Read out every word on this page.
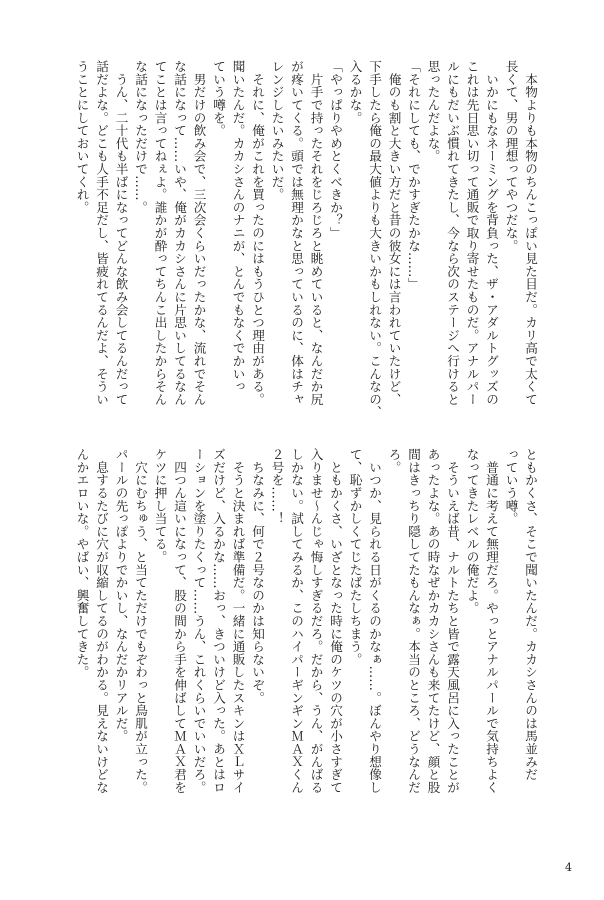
　本物よりも本物のちんこっぽい見た目だ。カリ高で太くて
長くて、男の理想ってやつだな。
　いかにもなネーミングを背負った、ザ・アダルトグッズの
これは先日思い切って通販で取り寄せたものだ。アナルパー
ルにもだいぶ慣れてきたし、今なら次のステージへ行けると
思ったんだよな。
「それにしても、でかすぎたかな……」
　俺のも割と大きい方だと昔の彼女には言われていたけど、
下手したら俺の最大値よりも大きいかもしれない。こんなの、
入るかな。
「やっぱりやめとくべきか？」
　片手で持ったそれをじろじろと眺めていると、なんだか尻
が疼いてくる。頭では無理かなと思っているのに、体はチャ
レンジしたいみたいだ。
　それに、俺がこれを買ったのにはもうひとつ理由がある。
聞いたんだ。カカシさんのナニが、とんでもなくでかいっ
ていう噂を。
　男だけの飲み会で、三次会くらいだったかな、流れでそん
な話になって……いや、俺がカカシさんに片思いしてるなん
てことは言ってねぇよ。誰かが酔ってちんこ出したからそん
な話になっただけで……。
　うん、二十代も半ばになってどんな飲み会してるんだって
話だよな。どこも人手不足だし、皆疲れてるんだよ、そうい
うことにしておいてくれ。
ともかくさ、そこで聞いたんだ。カカシさんのは馬並みだ
っていう噂。
　普通に考えて無理だろ。やっとアナルパールで気持ちよく
なってきたレベルの俺だよ。
　そういえば昔、ナルトたちと皆で露天風呂に入ったことが
あったよな。あの時なぜかカカシさんも来てたけど、顔と股
間はきっちり隠してたもんなぁ。本当のところ、どうなんだ
ろ。
　いつか、見られる日がくるのかなぁ……。ぼんやり想像し
て、恥ずかしくてじたばたしちまう。
　ともかくさ、いざとなった時に俺のケツの穴が小さすぎて
入りませ〜んじゃ悔しすぎるだろ。だから、うん、がんばる
しかない。試してみるか、このハイパーギンギンＭＡＸくん
２号を……！
　ちなみに、何で２号なのかは知らないぞ。
　そうと決まれば準備だ。一緒に通販したスキンはＸＬサイ
ズだけど、入るかな……おっ、きついけど入った。あとはロ
ーションを塗りたくって……うん、これくらいでいいだろ。
　四つん這いになって、股の間から手を伸ばしてＭＡＸ君を
ケツに押し当てる。
　穴にむちゅう、と当てただけでもぞわっと鳥肌が立った。
パールの先っぽよりでかいし、なんだかリアルだ。
　息するたびに穴が収縮してるのがわかる。見えないけどな
んかエロいな。やばい、興奮してきた。
4
